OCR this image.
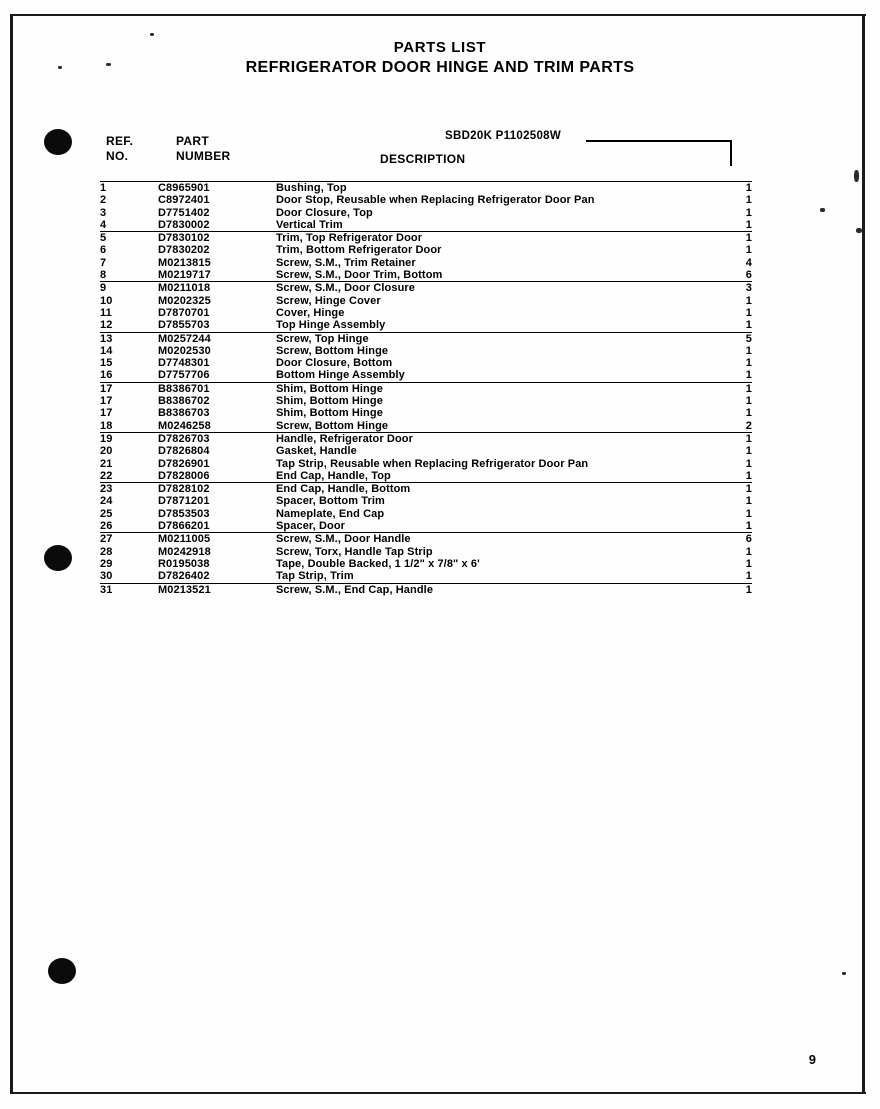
PARTS LIST
REFRIGERATOR DOOR HINGE AND TRIM PARTS
SBD20K P1102508W
REF.
NO.
PART
NUMBER	DESCRIPTION
1	C8965901	Bushing, Top	1
2	C8972401	Door Stop, Reusable when Replacing Refrigerator Door Pan	1
3	D7751402	Door Closure, Top	1
4	D7830002	Vertical Trim	1
5	D7830102	Trim, Top Refrigerator Door	1
6	D7830202	Trim, Bottom Refrigerator Door	1
7	M0213815	Screw, S.M., Trim Retainer	4
8	M0219717	Screw, S.M., Door Trim, Bottom	6
9	M0211018	Screw, S.M., Door Closure	3
10	M0202325	Screw, Hinge Cover	1
11	D7870701	Cover, Hinge	1
12	D7855703	Top Hinge Assembly	1
13	M0257244	Screw, Top Hinge	5
14	M0202530	Screw, Bottom Hinge	1
15	D7748301	Door Closure, Bottom	1
16	D7757706	Bottom Hinge Assembly	1
17	B8386701	Shim, Bottom Hinge	1
17	B8386702	Shim, Bottom Hinge	1
17	B8386703	Shim, Bottom Hinge	1
18	M0246258	Screw, Bottom Hinge	2
19	D7826703	Handle, Refrigerator Door	1
20	D7826804	Gasket, Handle	1
21	D7826901	Tap Strip, Reusable when Replacing Refrigerator Door Pan	1
22	D7828006	End Cap, Handle, Top	1
23	D7828102	End Cap, Handle, Bottom	1
24	D7871201	Spacer, Bottom Trim	1
25	D7853503	Nameplate, End Cap	1
26	D7866201	Spacer, Door	1
27	M0211005	Screw, S.M., Door Handle	6
28	M0242918	Screw, Torx, Handle Tap Strip	1
29	R0195038	Tape, Double Backed, 1 1/2" x 7/8" x 6'	1
30	D7826402	Tap Strip, Trim	1
31	M0213521	Screw, S.M., End Cap, Handle	1
9
